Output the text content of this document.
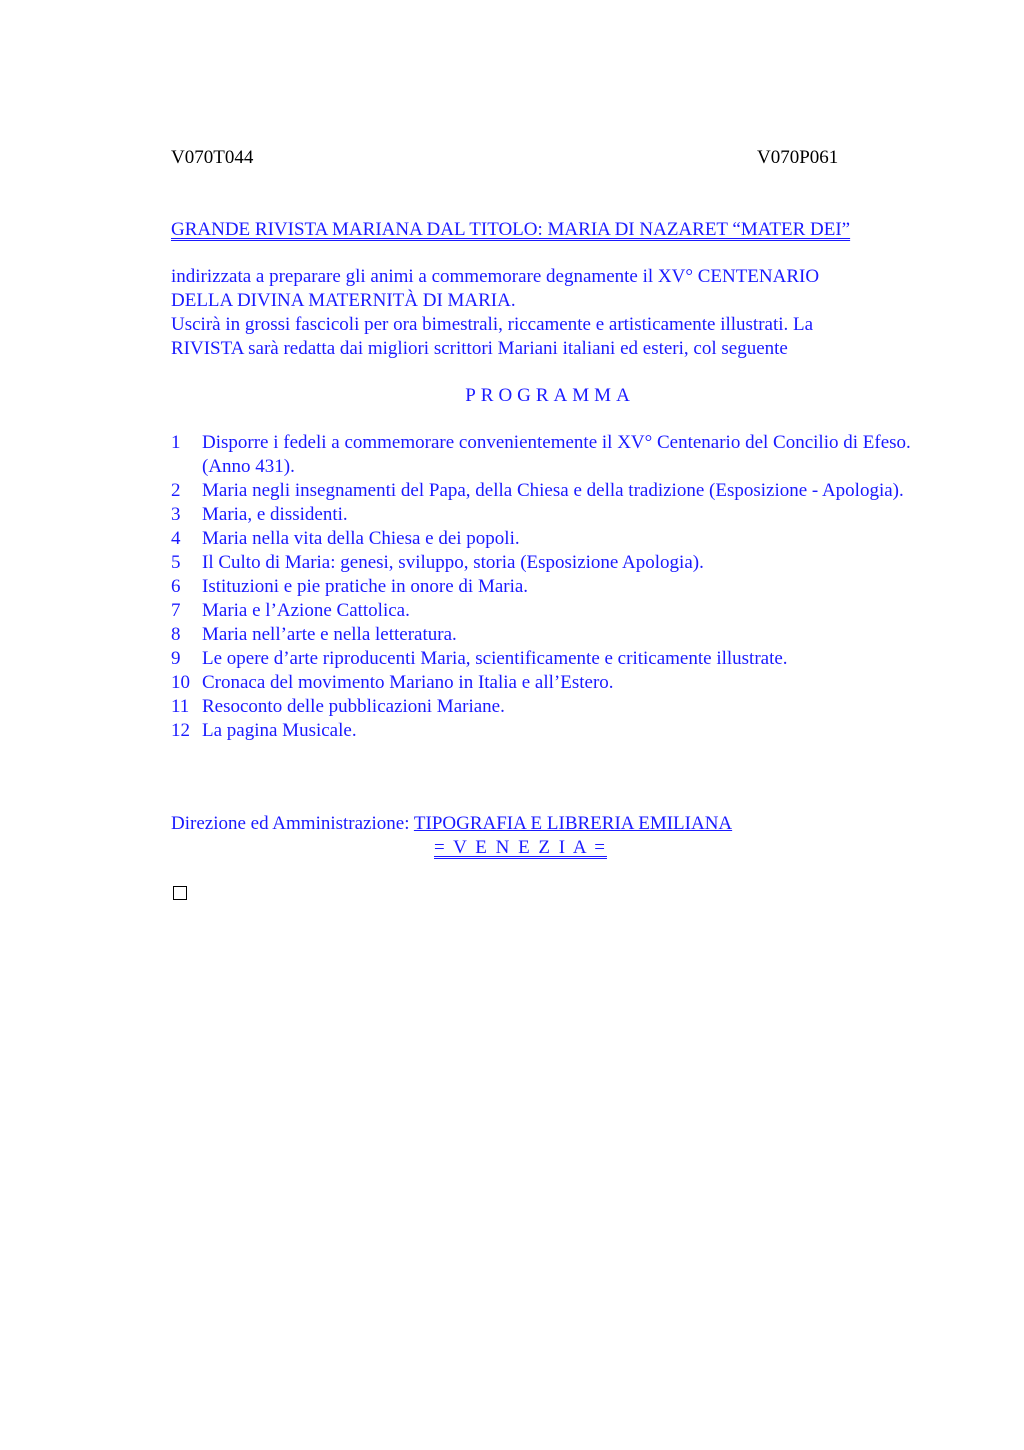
V070T044	V070P061
GRANDE RIVISTA MARIANA DAL TITOLO: MARIA DI NAZARET “MATER DEI”

indirizzata a preparare gli animi a commemorare degnamente il XV° CENTENARIO

DELLA DIVINA MATERNITÀ DI MARIA.

Uscirà in grossi fascicoli per ora bimestrali, riccamente e artisticamente illustrati. La

RIVISTA sarà redatta dai migliori scrittori Mariani italiani ed esteri, col seguente

PROGRAMMA
1	Disporre i fedeli a commemorare convenientemente il XV° Centenario del Concilio di Efeso. (Anno 431).
2	Maria negli insegnamenti del Papa, della Chiesa e della tradizione (Esposizione - Apologia).
3	Maria, e dissidenti.
4	Maria nella vita della Chiesa e dei popoli.
5	Il Culto di Maria: genesi, sviluppo, storia (Esposizione Apologia).
6	Istituzioni e pie pratiche in onore di Maria.
7	Maria e l’Azione Cattolica.
8	Maria nell’arte e nella letteratura.
9	Le opere d’arte riproducenti Maria, scientificamente e criticamente illustrate.
10 Cronaca del movimento Mariano in Italia e all’Estero.
11 Resoconto delle pubblicazioni Mariane.
12 La pagina Musicale.
Direzione ed Amministrazione: TIPOGRAFIA E LIBRERIA EMILIANA
= V E N E Z I A =
